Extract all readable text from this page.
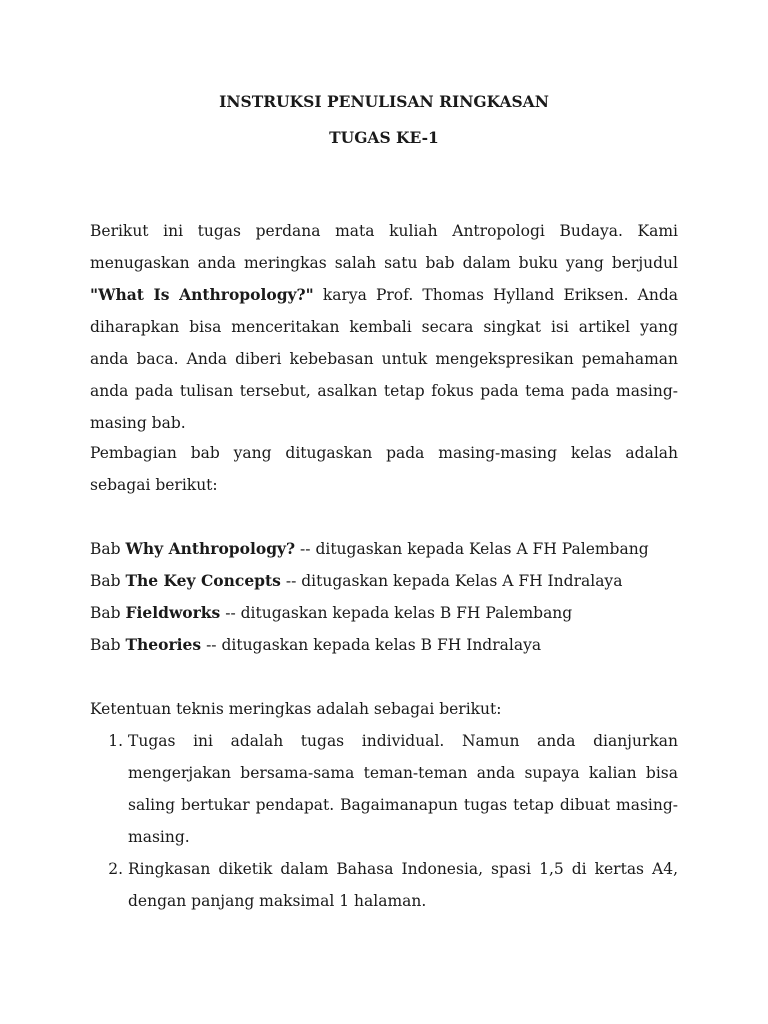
INSTRUKSI PENULISAN RINGKASAN
TUGAS KE-1
Berikut ini tugas perdana mata kuliah Antropologi Budaya. Kami menugaskan anda meringkas salah satu bab dalam buku yang berjudul "What Is Anthropology?" karya Prof. Thomas Hylland Eriksen. Anda diharapkan bisa menceritakan kembali secara singkat isi artikel yang anda baca. Anda diberi kebebasan untuk mengekspresikan pemahaman anda pada tulisan tersebut, asalkan tetap fokus pada tema pada masing-masing bab.
Pembagian bab yang ditugaskan pada masing-masing kelas adalah sebagai berikut:
Bab Why Anthropology? -- ditugaskan kepada Kelas A FH Palembang
Bab The Key Concepts -- ditugaskan kepada Kelas A FH Indralaya
Bab Fieldworks -- ditugaskan kepada kelas B FH Palembang
Bab Theories -- ditugaskan kepada kelas B FH Indralaya
Ketentuan teknis meringkas adalah sebagai berikut:
1. Tugas ini adalah tugas individual. Namun anda dianjurkan mengerjakan bersama-sama teman-teman anda supaya kalian bisa saling bertukar pendapat. Bagaimanapun tugas tetap dibuat masing-masing.
2. Ringkasan diketik dalam Bahasa Indonesia, spasi 1,5 di kertas A4, dengan panjang maksimal 1 halaman.
